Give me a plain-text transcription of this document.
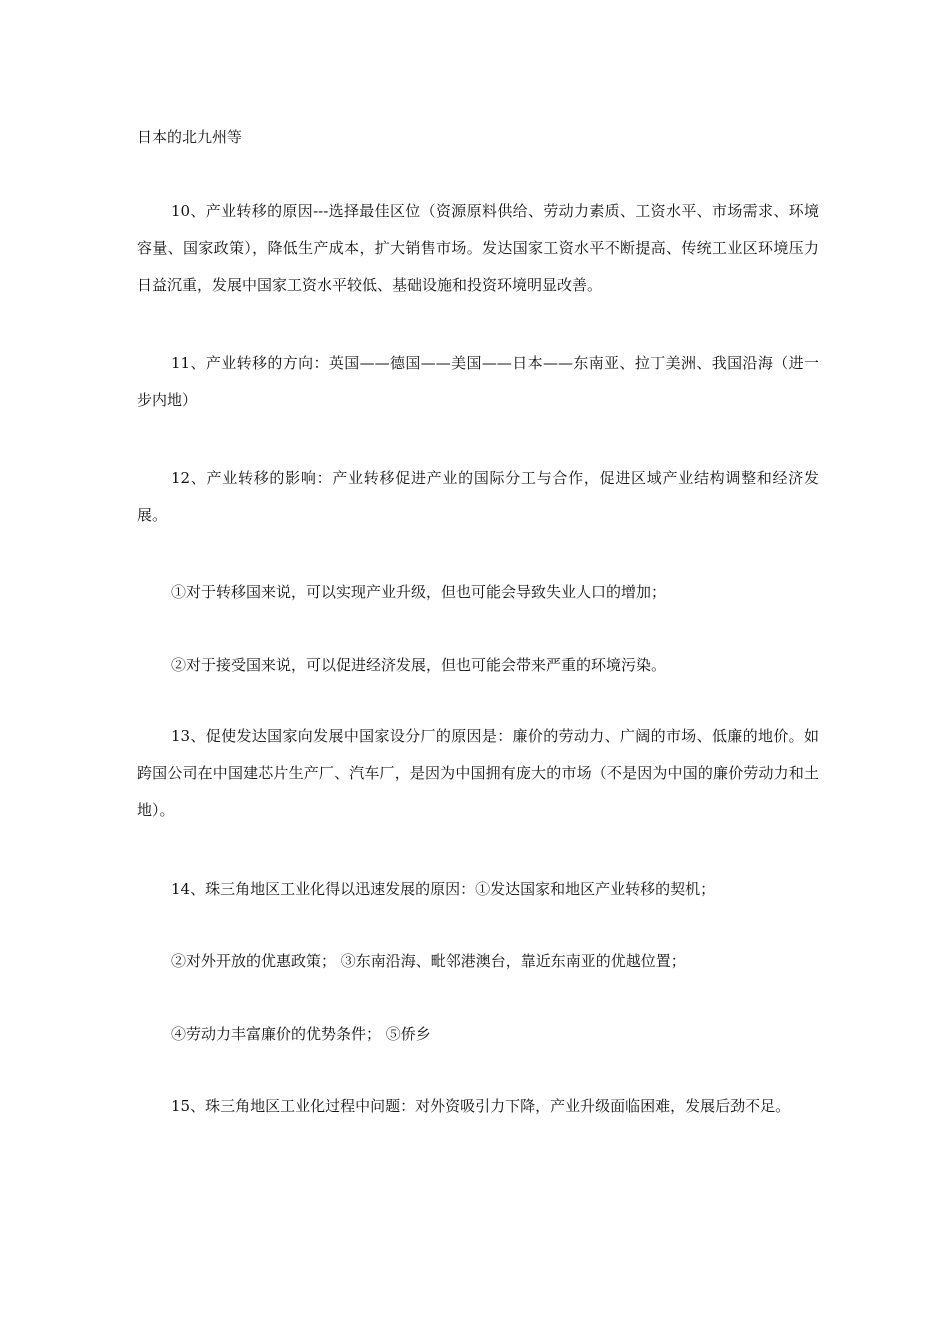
日本的北九州等

10、产业转移的原因---选择最佳区位（资源原料供给、劳动力素质、工资水平、市场需求、环境容量、国家政策），降低生产成本，扩大销售市场。发达国家工资水平不断提高、传统工业区环境压力日益沉重，发展中国家工资水平较低、基础设施和投资环境明显改善。

11、产业转移的方向：英国——德国——美国——日本——东南亚、拉丁美洲、我国沿海（进一步内地）

12、产业转移的影响：产业转移促进产业的国际分工与合作，促进区域产业结构调整和经济发展。

①对于转移国来说，可以实现产业升级，但也可能会导致失业人口的增加；

②对于接受国来说，可以促进经济发展，但也可能会带来严重的环境污染。

13、促使发达国家向发展中国家设分厂的原因是：廉价的劳动力、广阔的市场、低廉的地价。如跨国公司在中国建芯片生产厂、汽车厂，是因为中国拥有庞大的市场（不是因为中国的廉价劳动力和土地）。

14、珠三角地区工业化得以迅速发展的原因：①发达国家和地区产业转移的契机；

②对外开放的优惠政策； ③东南沿海、毗邻港澳台，靠近东南亚的优越位置；

④劳动力丰富廉价的优势条件； ⑤侨乡

15、珠三角地区工业化过程中问题：对外资吸引力下降，产业升级面临困难，发展后劲不足。
